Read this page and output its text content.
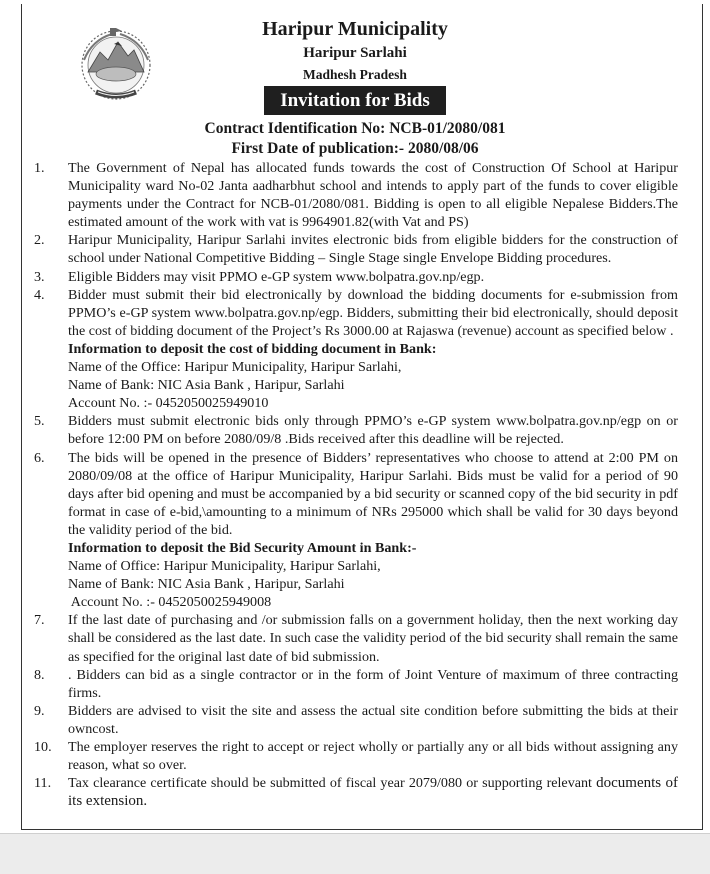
Haripur Municipality
Haripur Sarlahi
Madhesh Pradesh
Invitation for Bids
Contract Identification No: NCB-01/2080/081
First Date of publication:- 2080/08/06
1.	The Government of Nepal has allocated funds towards the cost of Construction Of School at Haripur Municipality ward No-02 Janta aadharbhut school and intends to apply part of the funds to cover eligible payments under the Contract for NCB-01/2080/081. Bidding is open to all eligible Nepalese Bidders.The estimated amount of the work with vat is 9964901.82(with Vat and PS)
2.	Haripur Municipality, Haripur Sarlahi invites electronic bids from eligible bidders for the construction of school under National Competitive Bidding – Single Stage single Envelope Bidding procedures.
3.	Eligible Bidders may visit PPMO e-GP system www.bolpatra.gov.np/egp.
4.	Bidder must submit their bid electronically by download the bidding documents for e-submission from PPMO’s e-GP system www.bolpatra.gov.np/egp. Bidders, submitting their bid electronically, should deposit the cost of bidding document of the Project’s Rs 3000.00 at Rajaswa (revenue) account as specified below .
Information to deposit the cost of bidding document in Bank:
Name of the Office: Haripur Municipality, Haripur Sarlahi,
Name of Bank: NIC Asia Bank , Haripur, Sarlahi
Account No. :- 0452050025949010
5.	Bidders must submit electronic bids only through PPMO’s e-GP system www.bolpatra.gov.np/egp on or before 12:00 PM on before 2080/09/8 .Bids received after this deadline will be rejected.
6.	The bids will be opened in the presence of Bidders’ representatives who choose to attend at 2:00 PM on 2080/09/08 at the office of Haripur Municipality, Haripur Sarlahi. Bids must be valid for a period of 90 days after bid opening and must be accompanied by a bid security or scanned copy of the bid security in pdf format in case of e-bid,\amounting to a minimum of NRs 295000 which shall be valid for 30 days beyond the validity period of the bid.
Information to deposit the Bid Security Amount in Bank:-
Name of Office: Haripur Municipality, Haripur Sarlahi,
Name of Bank: NIC Asia Bank , Haripur, Sarlahi
Account No. :- 0452050025949008
7.	If the last date of purchasing and /or submission falls on a government holiday, then the next working day shall be considered as the last date. In such case the validity period of the bid security shall remain the same as specified for the original last date of bid submission.
8.	. Bidders can bid as a single contractor or in the form of Joint Venture of maximum of three contracting firms.
9.	Bidders are advised to visit the site and assess the actual site condition before submitting the bids at their owncost.
10.	The employer reserves the right to accept or reject wholly or partially any or all bids without assigning any reason, what so over.
11.	Tax clearance certificate should be submitted of fiscal year 2079/080 or supporting relevant documents of its extension.
